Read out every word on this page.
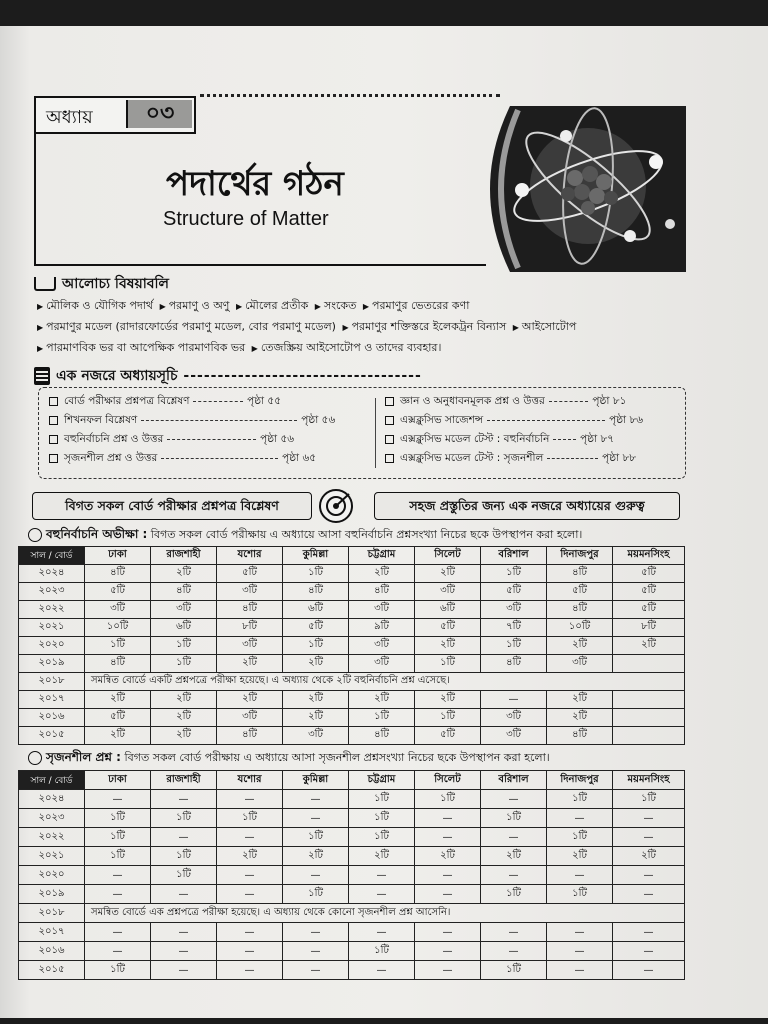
অধ্যায়	০৩
পদার্থের গঠন
Structure of Matter
আলোচ্য বিষয়াবলি
▶ মৌলিক ও যৌগিক পদার্থ ▶ পরমাণু ও অণু ▶ মৌলের প্রতীক ▶ সংকেত ▶ পরমাণুর ভেতরের কণা ▶ পরমাণুর মডেল (রাদারফোর্ডের পরমাণু মডেল, বোর পরমাণু মডেল) ▶ পরমাণুর শক্তিস্তরে ইলেকট্রন বিন্যাস ▶ আইসোটোপ ▶ পারমাণবিক ভর বা আপেক্ষিক পারমাণবিক ভর ▶ তেজস্ক্রিয় আইসোটোপ ও তাদের ব্যবহার।
এক নজরে অধ্যায়সূচি -----------------------------------
বোর্ড পরীক্ষার প্রশ্নপত্র বিশ্লেষণ	পৃষ্ঠা ৫৫
শিখনফল বিশ্লেষণ	পৃষ্ঠা ৫৬
বহুনির্বাচনি প্রশ্ন ও উত্তর	পৃষ্ঠা ৫৬
সৃজনশীল প্রশ্ন ও উত্তর	পৃষ্ঠা ৬৫
জ্ঞান ও অনুধাবনমূলক প্রশ্ন ও উত্তর	পৃষ্ঠা ৮১
এক্সক্লুসিভ সাজেশন্স	পৃষ্ঠা ৮৬
এক্সক্লুসিভ মডেল টেস্ট : বহুনির্বাচনি	পৃষ্ঠা ৮৭
এক্সক্লুসিভ মডেল টেস্ট : সৃজনশীল	পৃষ্ঠা ৮৮
বিগত সকল বোর্ড পরীক্ষার প্রশ্নপত্র বিশ্লেষণ	সহজ প্রস্তুতির জন্য এক নজরে অধ্যায়ের গুরুত্ব
বহুনির্বাচনি অভীক্ষা : বিগত সকল বোর্ড পরীক্ষায় এ অধ্যায়ে আসা বহুনির্বাচনি প্রশ্নসংখ্যা নিচের ছকে উপস্থাপন করা হলো।
সাল / বোর্ড	ঢাকা	রাজশাহী	যশোর	কুমিল্লা	চট্টগ্রাম	সিলেট	বরিশাল	দিনাজপুর	ময়মনসিংহ
২০২৪	৪টি	২টি	৫টি	১টি	২টি	২টি	১টি	৪টি	৫টি
২০২৩	৫টি	৪টি	৩টি	৪টি	৪টি	৩টি	৫টি	৫টি	৫টি
২০২২	৩টি	৩টি	৪টি	৬টি	৩টি	৬টি	৩টি	৪টি	৫টি
২০২১	১০টি	৬টি	৮টি	৫টি	৯টি	৫টি	৭টি	১০টি	৮টি
২০২০	১টি	১টি	৩টি	১টি	৩টি	২টি	১টি	২টি	২টি
২০১৯	৪টি	১টি	২টি	২টি	৩টি	১টি	৪টি	৩টি	
২০১৮	সমন্বিত বোর্ডে একটি প্রশ্নপত্রে পরীক্ষা হয়েছে। এ অধ্যায় থেকে ২টি বহুনির্বাচনি প্রশ্ন এসেছে।								
২০১৭	২টি	২টি	২টি	২টি	২টি	২টি	—	২টি	
২০১৬	৫টি	২টি	৩টি	২টি	১টি	১টি	৩টি	২টি	
২০১৫	২টি	২টি	৪টি	৩টি	৪টি	৫টি	৩টি	৪টি	
সৃজনশীল প্রশ্ন : বিগত সকল বোর্ড পরীক্ষায় এ অধ্যায়ে আসা সৃজনশীল প্রশ্নসংখ্যা নিচের ছকে উপস্থাপন করা হলো।
সাল / বোর্ড	ঢাকা	রাজশাহী	যশোর	কুমিল্লা	চট্টগ্রাম	সিলেট	বরিশাল	দিনাজপুর	ময়মনসিংহ
২০২৪	—	—	—	—	১টি	১টি	—	১টি	১টি
২০২৩	১টি	১টি	১টি	—	১টি	—	১টি	—	—
২০২২	১টি	—	—	১টি	১টি	—	—	১টি	—
২০২১	১টি	১টি	২টি	২টি	২টি	২টি	২টি	২টি	২টি
২০২০	—	১টি	—	—	—	—	—	—	—
২০১৯	—	—	—	১টি	—	—	১টি	১টি	—
২০১৮	সমন্বিত বোর্ডে এক প্রশ্নপত্রে পরীক্ষা হয়েছে। এ অধ্যায় থেকে কোনো সৃজনশীল প্রশ্ন আসেনি।								
২০১৭	—	—	—	—	—	—	—	—	—
২০১৬	—	—	—	—	১টি	—	—	—	—
২০১৫	১টি	—	—	—	—	—	১টি	—	—
